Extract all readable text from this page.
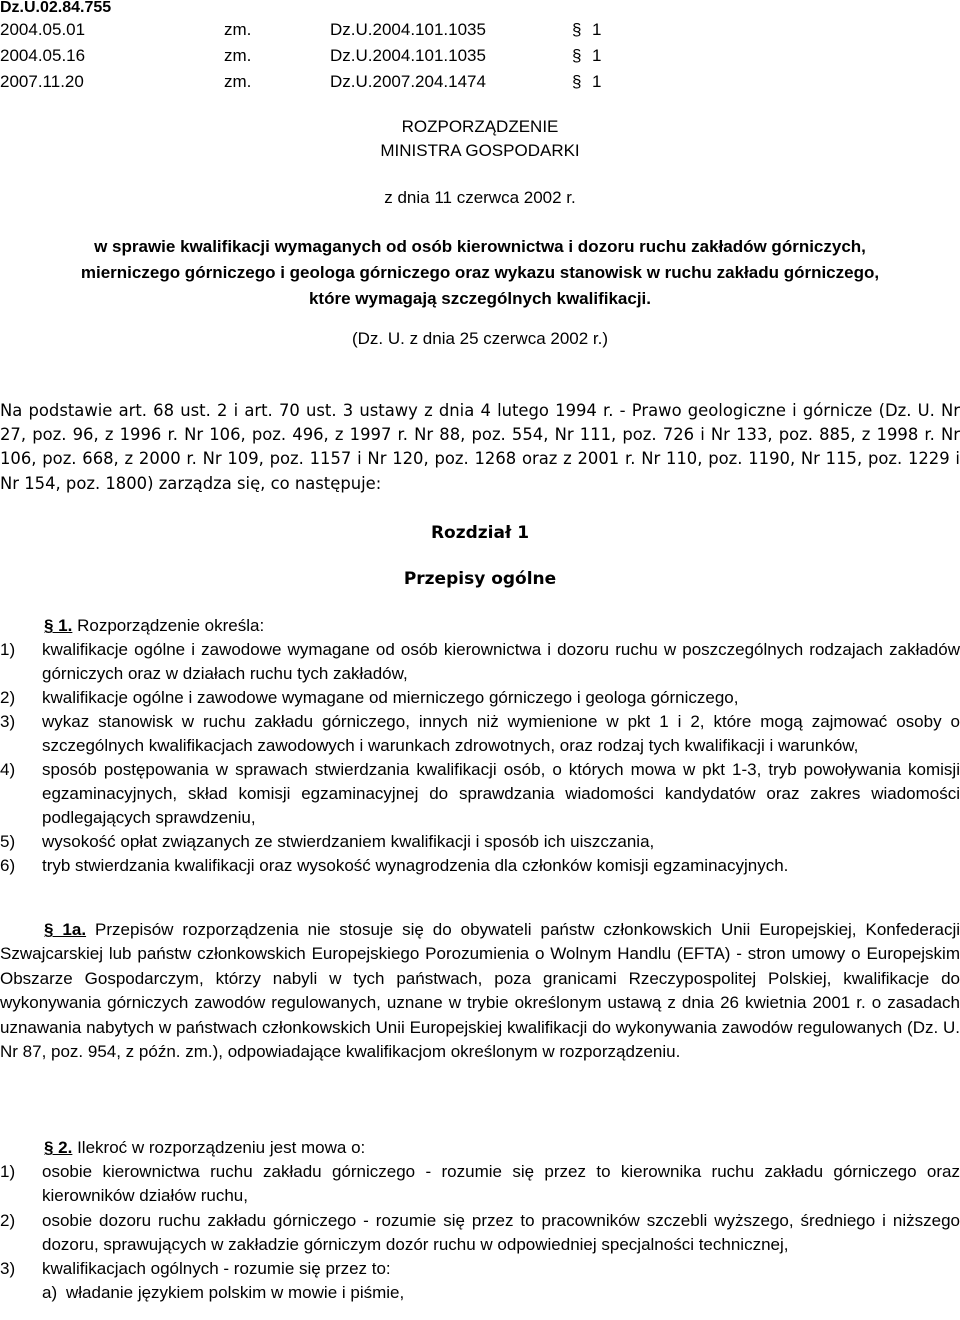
Dz.U.02.84.755
2004.05.01	zm.	Dz.U.2004.101.1035	§ 1
2004.05.16	zm.	Dz.U.2004.101.1035	§ 1
2007.11.20	zm.	Dz.U.2007.204.1474	§ 1
ROZPORZĄDZENIE
MINISTRA GOSPODARKI
z dnia 11 czerwca 2002 r.
w sprawie kwalifikacji wymaganych od osób kierownictwa i dozoru ruchu zakładów górniczych,
mierniczego górniczego i geologa górniczego oraz wykazu stanowisk w ruchu zakładu górniczego,
które wymagają szczególnych kwalifikacji.
(Dz. U. z dnia 25 czerwca 2002 r.)
Na podstawie art. 68 ust. 2 i art. 70 ust. 3 ustawy z dnia 4 lutego 1994 r. - Prawo geologiczne i górnicze (Dz. U. Nr 27, poz. 96, z 1996 r. Nr 106, poz. 496, z 1997 r. Nr 88, poz. 554, Nr 111, poz. 726 i Nr 133, poz. 885, z 1998 r. Nr 106, poz. 668, z 2000 r. Nr 109, poz. 1157 i Nr 120, poz. 1268 oraz z 2001 r. Nr 110, poz. 1190, Nr 115, poz. 1229 i Nr 154, poz. 1800) zarządza się, co następuje:
Rozdział 1
Przepisy ogólne
§ 1. Rozporządzenie określa:
1) kwalifikacje ogólne i zawodowe wymagane od osób kierownictwa i dozoru ruchu w poszczególnych rodzajach zakładów górniczych oraz w działach ruchu tych zakładów,
2) kwalifikacje ogólne i zawodowe wymagane od mierniczego górniczego i geologa górniczego,
3) wykaz stanowisk w ruchu zakładu górniczego, innych niż wymienione w pkt 1 i 2, które mogą zajmować osoby o szczególnych kwalifikacjach zawodowych i warunkach zdrowotnych, oraz rodzaj tych kwalifikacji i warunków,
4) sposób postępowania w sprawach stwierdzania kwalifikacji osób, o których mowa w pkt 1-3, tryb powoływania komisji egzaminacyjnych, skład komisji egzaminacyjnej do sprawdzania wiadomości kandydatów oraz zakres wiadomości podlegających sprawdzeniu,
5) wysokość opłat związanych ze stwierdzaniem kwalifikacji i sposób ich uiszczania,
6) tryb stwierdzania kwalifikacji oraz wysokość wynagrodzenia dla członków komisji egzaminacyjnych.
§ 1a. Przepisów rozporządzenia nie stosuje się do obywateli państw członkowskich Unii Europejskiej, Konfederacji Szwajcarskiej lub państw członkowskich Europejskiego Porozumienia o Wolnym Handlu (EFTA) - stron umowy o Europejskim Obszarze Gospodarczym, którzy nabyli w tych państwach, poza granicami Rzeczypospolitej Polskiej, kwalifikacje do wykonywania górniczych zawodów regulowanych, uznane w trybie określonym ustawą z dnia 26 kwietnia 2001 r. o zasadach uznawania nabytych w państwach członkowskich Unii Europejskiej kwalifikacji do wykonywania zawodów regulowanych (Dz. U. Nr 87, poz. 954, z późn. zm.), odpowiadające kwalifikacjom określonym w rozporządzeniu.
§ 2. Ilekroć w rozporządzeniu jest mowa o:
1) osobie kierownictwa ruchu zakładu górniczego - rozumie się przez to kierownika ruchu zakładu górniczego oraz kierowników działów ruchu,
2) osobie dozoru ruchu zakładu górniczego - rozumie się przez to pracowników szczebli wyższego, średniego i niższego dozoru, sprawujących w zakładzie górniczym dozór ruchu w odpowiedniej specjalności technicznej,
3) kwalifikacjach ogólnych - rozumie się przez to:
a) władanie językiem polskim w mowie i piśmie,
